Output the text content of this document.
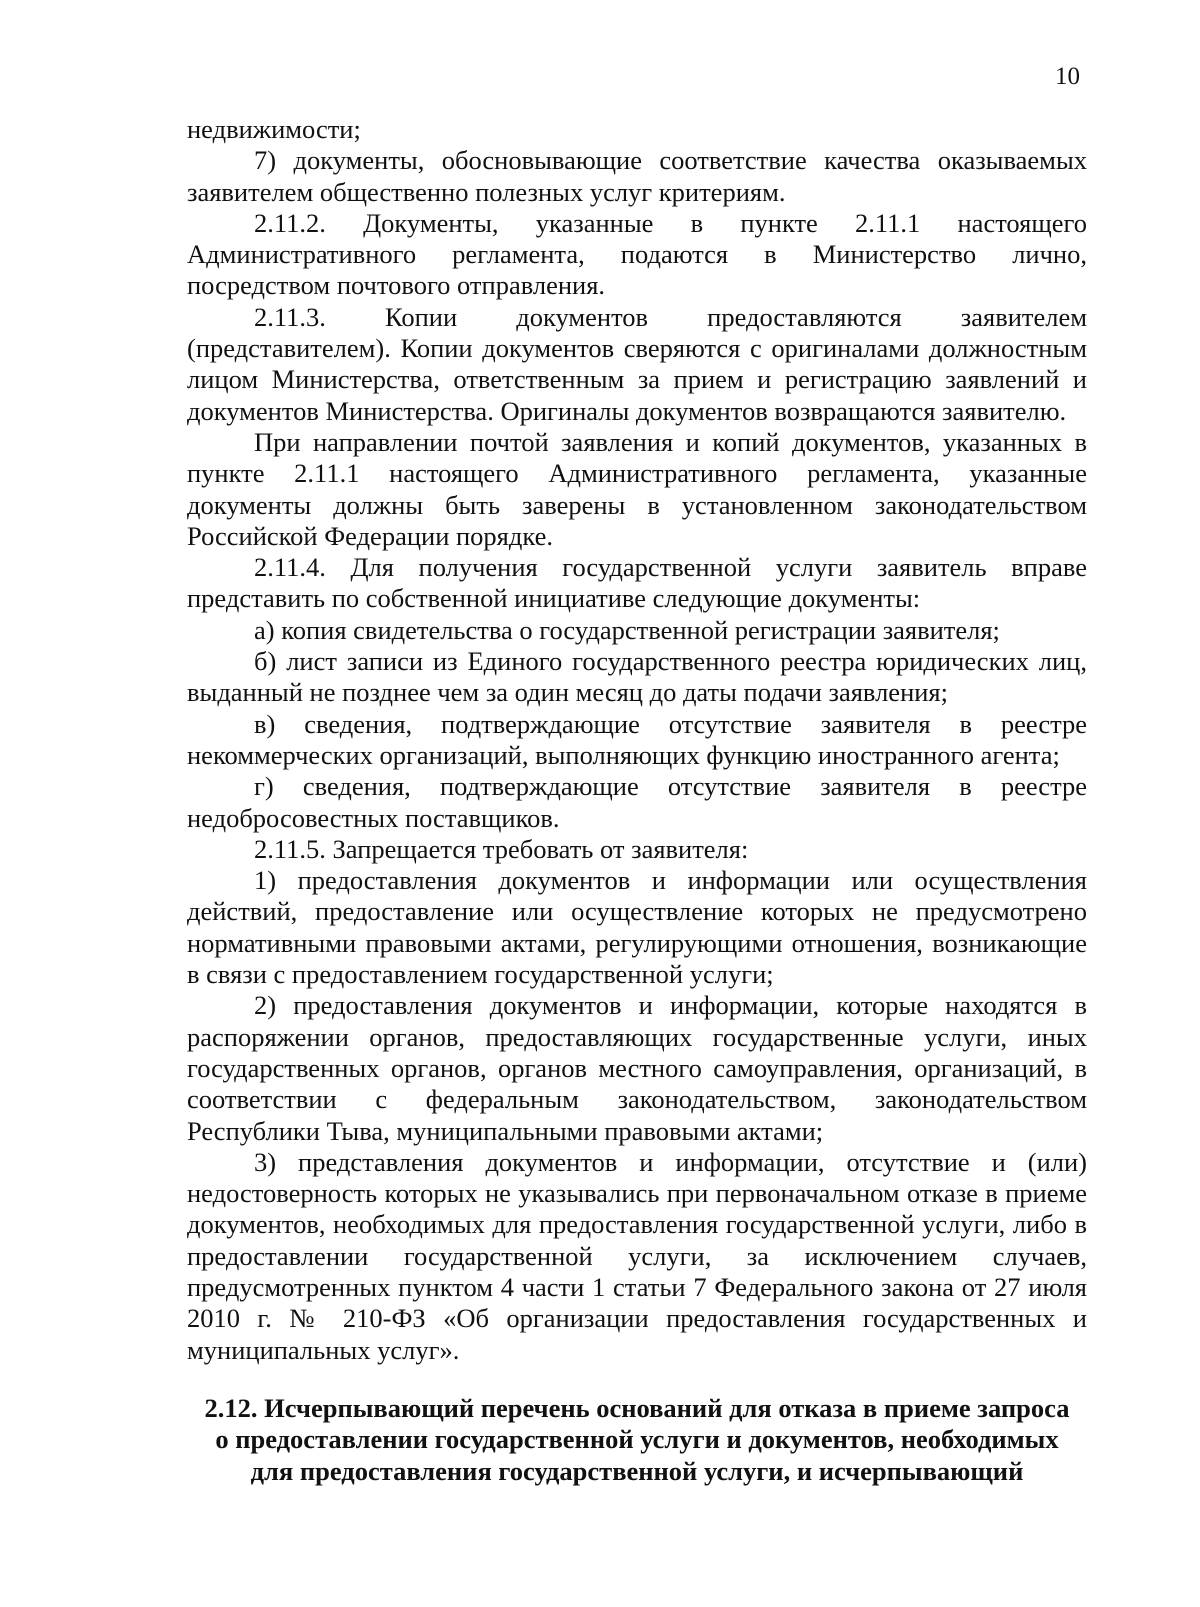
10

недвижимости;

7) документы, обосновывающие соответствие качества оказываемых заявителем общественно полезных услуг критериям.

2.11.2. Документы, указанные в пункте 2.11.1 настоящего Административного регламента, подаются в Министерство лично, посредством почтового отправления.

2.11.3. Копии документов предоставляются заявителем (представителем). Копии документов сверяются с оригиналами должностным лицом Министерства, ответственным за прием и регистрацию заявлений и документов Министерства. Оригиналы документов возвращаются заявителю.

При направлении почтой заявления и копий документов, указанных в пункте 2.11.1 настоящего Административного регламента, указанные документы должны быть заверены в установленном законодательством Российской Федерации порядке.

2.11.4. Для получения государственной услуги заявитель вправе представить по собственной инициативе следующие документы:

а) копия свидетельства о государственной регистрации заявителя;

б) лист записи из Единого государственного реестра юридических лиц, выданный не позднее чем за один месяц до даты подачи заявления;

в) сведения, подтверждающие отсутствие заявителя в реестре некоммерческих организаций, выполняющих функцию иностранного агента;

г) сведения, подтверждающие отсутствие заявителя в реестре недобросовестных поставщиков.

2.11.5. Запрещается требовать от заявителя:

1) предоставления документов и информации или осуществления действий, предоставление или осуществление которых не предусмотрено нормативными правовыми актами, регулирующими отношения, возникающие в связи с предоставлением государственной услуги;

2) предоставления документов и информации, которые находятся в распоряжении органов, предоставляющих государственные услуги, иных государственных органов, органов местного самоуправления, организаций, в соответствии с федеральным законодательством, законодательством Республики Тыва, муниципальными правовыми актами;

3) представления документов и информации, отсутствие и (или) недостоверность которых не указывались при первоначальном отказе в приеме документов, необходимых для предоставления государственной услуги, либо в предоставлении государственной услуги, за исключением случаев, предусмотренных пунктом 4 части 1 статьи 7 Федерального закона от 27 июля 2010 г. № 210-ФЗ «Об организации предоставления государственных и муниципальных услуг».

2.12. Исчерпывающий перечень оснований для отказа в приеме запроса
о предоставлении государственной услуги и документов, необходимых
для предоставления государственной услуги, и исчерпывающий
